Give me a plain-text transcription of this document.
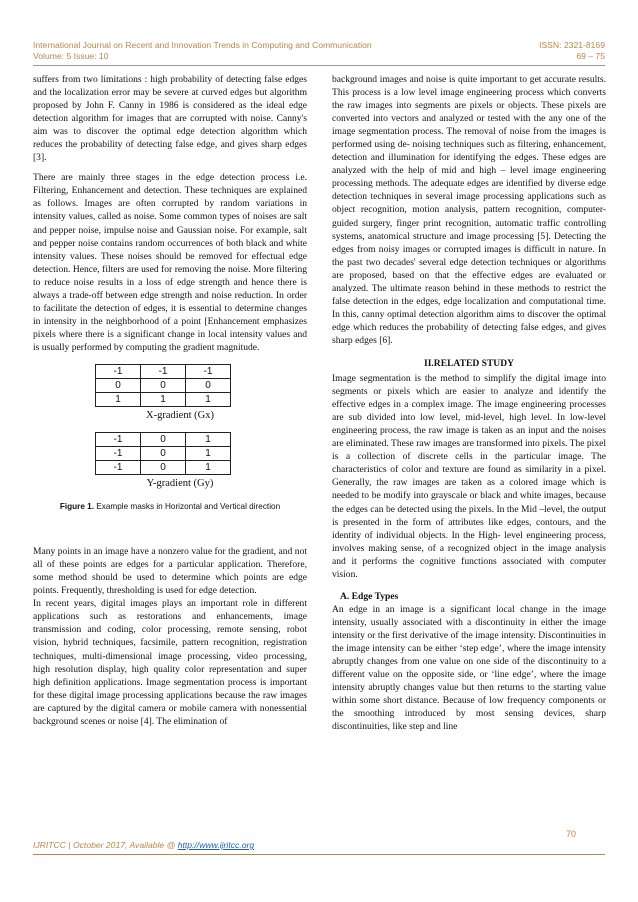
International Journal on Recent and Innovation Trends in Computing and Communication	ISSN: 2321-8169
Volume: 5 Issue: 10	69 – 75

suffers from two limitations : high probability of detecting false edges and the localization error may be severe at curved edges but algorithm proposed by John F. Canny in 1986 is considered as the ideal edge detection algorithm for images that are corrupted with noise. Canny's aim was to discover the optimal edge detection algorithm which reduces the probability of detecting false edge, and gives sharp edges [3].

There are mainly three stages in the edge detection process i.e. Filtering, Enhancement and detection. These techniques are explained as follows. Images are often corrupted by random variations in intensity values, called as noise. Some common types of noises are salt and pepper noise, impulse noise and Gaussian noise. For example, salt and pepper noise contains random occurrences of both black and white intensity values. These noises should be removed for effectual edge detection. Hence, filters are used for removing the noise. More filtering to reduce noise results in a loss of edge strength and hence there is always a trade-off between edge strength and noise reduction. In order to facilitate the detection of edges, it is essential to determine changes in intensity in the neighborhood of a point [Enhancement emphasizes pixels where there is a significant change in local intensity values and is usually performed by computing the gradient magnitude.

-1	-1	-1
0	0	0
1	1	1
X-gradient (Gx)
-1	0	1
-1	0	1
-1	0	1
Y-gradient (Gy)
Figure 1. Example masks in Horizontal and Vertical direction

Many points in an image have a nonzero value for the gradient, and not all of these points are edges for a particular application. Therefore, some method should be used to determine which points are edge points. Frequently, thresholding is used for edge detection.

In recent years, digital images plays an important role in different applications such as restorations and enhancements, image transmission and coding, color processing, remote sensing, robot vision, hybrid techniques, facsimile, pattern recognition, registration techniques, multi-dimensional image processing, video processing, high resolution display, high quality color representation and super high definition applications. Image segmentation process is important for these digital image processing applications because the raw images are captured by the digital camera or mobile camera with nonessential background scenes or noise [4]. The elimination of

background images and noise is quite important to get accurate results. This process is a low level image engineering process which converts the raw images into segments are pixels or objects. These pixels are converted into vectors and analyzed or tested with the any one of the image segmentation process. The removal of noise from the images is performed using de- noising techniques such as filtering, enhancement, detection and illumination for identifying the edges. These edges are analyzed with the help of mid and high – level image engineering processing methods. The adequate edges are identified by diverse edge detection techniques in several image processing applications such as object recognition, motion analysis, pattern recognition, computer- guided surgery, finger print recognition, automatic traffic controlling systems, anatomical structure and image processing [5]. Detecting the edges from noisy images or corrupted images is difficult in nature. In the past two decades' several edge detection techniques or algorithms are proposed, based on that the effective edges are evaluated or analyzed. The ultimate reason behind in these methods to restrict the false detection in the edges, edge localization and computational time. In this, canny optimal detection algorithm aims to discover the optimal edge which reduces the probability of detecting false edges, and gives sharp edges [6].

II.RELATED STUDY

Image segmentation is the method to simplify the digital image into segments or pixels which are easier to analyze and identify the effective edges in a complex image. The image engineering processes are sub divided into low level, mid-level, high level. In low-level engineering process, the raw image is taken as an input and the noises are eliminated. These raw images are transformed into pixels. The pixel is a collection of discrete cells in the particular image. The characteristics of color and texture are found as similarity in a pixel. Generally, the raw images are taken as a colored image which is needed to be modify into grayscale or black and white images, because the edges can be detected using the pixels. In the Mid –level, the output is presented in the form of attributes like edges, contours, and the identity of individual objects. In the High- level engineering process, involves making sense, of a recognized object in the image analysis and it performs the cognitive functions associated with computer vision.

A. Edge Types

An edge in an image is a significant local change in the image intensity, usually associated with a discontinuity in either the image intensity or the first derivative of the image intensity. Discontinuities in the image intensity can be either ‘step edge’, where the image intensity abruptly changes from one value on one side of the discontinuity to a different value on the opposite side, or ‘line edge’, where the image intensity abruptly changes value but then returns to the starting value within some short distance. Because of low frequency components or the smoothing introduced by most sensing devices, sharp discontinuities, like step and line

70
IJRITCC | October 2017, Available @ http://www.ijritcc.org
